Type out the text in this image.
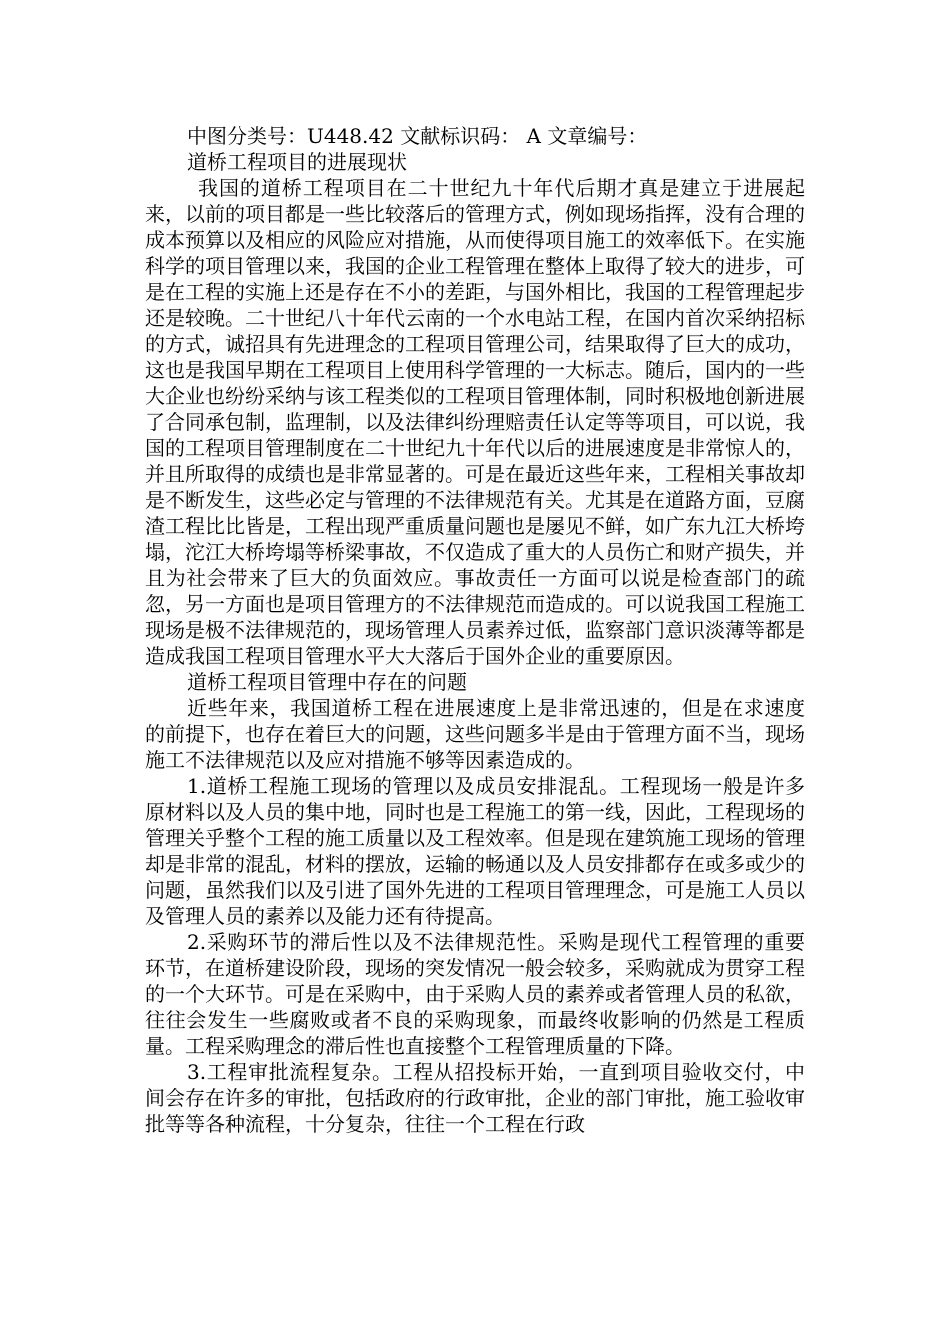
中图分类号：U448.42 文献标识码： A 文章编号：

道桥工程项目的进展现状

我国的道桥工程项目在二十世纪九十年代后期才真是建立于进展起来，以前的项目都是一些比较落后的管理方式，例如现场指挥，没有合理的成本预算以及相应的风险应对措施，从而使得项目施工的效率低下。在实施科学的项目管理以来，我国的企业工程管理在整体上取得了较大的进步，可是在工程的实施上还是存在不小的差距，与国外相比，我国的工程管理起步还是较晚。二十世纪八十年代云南的一个水电站工程，在国内首次采纳招标的方式，诚招具有先进理念的工程项目管理公司，结果取得了巨大的成功，这也是我国早期在工程项目上使用科学管理的一大标志。随后，国内的一些大企业也纷纷采纳与该工程类似的工程项目管理体制，同时积极地创新进展了合同承包制，监理制，以及法律纠纷理赔责任认定等等项目，可以说，我国的工程项目管理制度在二十世纪九十年代以后的进展速度是非常惊人的，并且所取得的成绩也是非常显著的。可是在最近这些年来，工程相关事故却是不断发生，这些必定与管理的不法律规范有关。尤其是在道路方面，豆腐渣工程比比皆是，工程出现严重质量问题也是屡见不鲜，如广东九江大桥垮塌，沱江大桥垮塌等桥梁事故，不仅造成了重大的人员伤亡和财产损失，并且为社会带来了巨大的负面效应。事故责任一方面可以说是检查部门的疏忽，另一方面也是项目管理方的不法律规范而造成的。可以说我国工程施工现场是极不法律规范的，现场管理人员素养过低，监察部门意识淡薄等都是造成我国工程项目管理水平大大落后于国外企业的重要原因。

道桥工程项目管理中存在的问题

近些年来，我国道桥工程在进展速度上是非常迅速的，但是在求速度的前提下，也存在着巨大的问题，这些问题多半是由于管理方面不当，现场施工不法律规范以及应对措施不够等因素造成的。

1.道桥工程施工现场的管理以及成员安排混乱。工程现场一般是许多原材料以及人员的集中地，同时也是工程施工的第一线，因此，工程现场的管理关乎整个工程的施工质量以及工程效率。但是现在建筑施工现场的管理却是非常的混乱，材料的摆放，运输的畅通以及人员安排都存在或多或少的问题，虽然我们以及引进了国外先进的工程项目管理理念，可是施工人员以及管理人员的素养以及能力还有待提高。

2.采购环节的滞后性以及不法律规范性。采购是现代工程管理的重要环节，在道桥建设阶段，现场的突发情况一般会较多，采购就成为贯穿工程的一个大环节。可是在采购中，由于采购人员的素养或者管理人员的私欲，往往会发生一些腐败或者不良的采购现象，而最终收影响的仍然是工程质量。工程采购理念的滞后性也直接整个工程管理质量的下降。

3.工程审批流程复杂。工程从招投标开始，一直到项目验收交付，中间会存在许多的审批，包括政府的行政审批，企业的部门审批，施工验收审批等等各种流程，十分复杂，往往一个工程在行政
